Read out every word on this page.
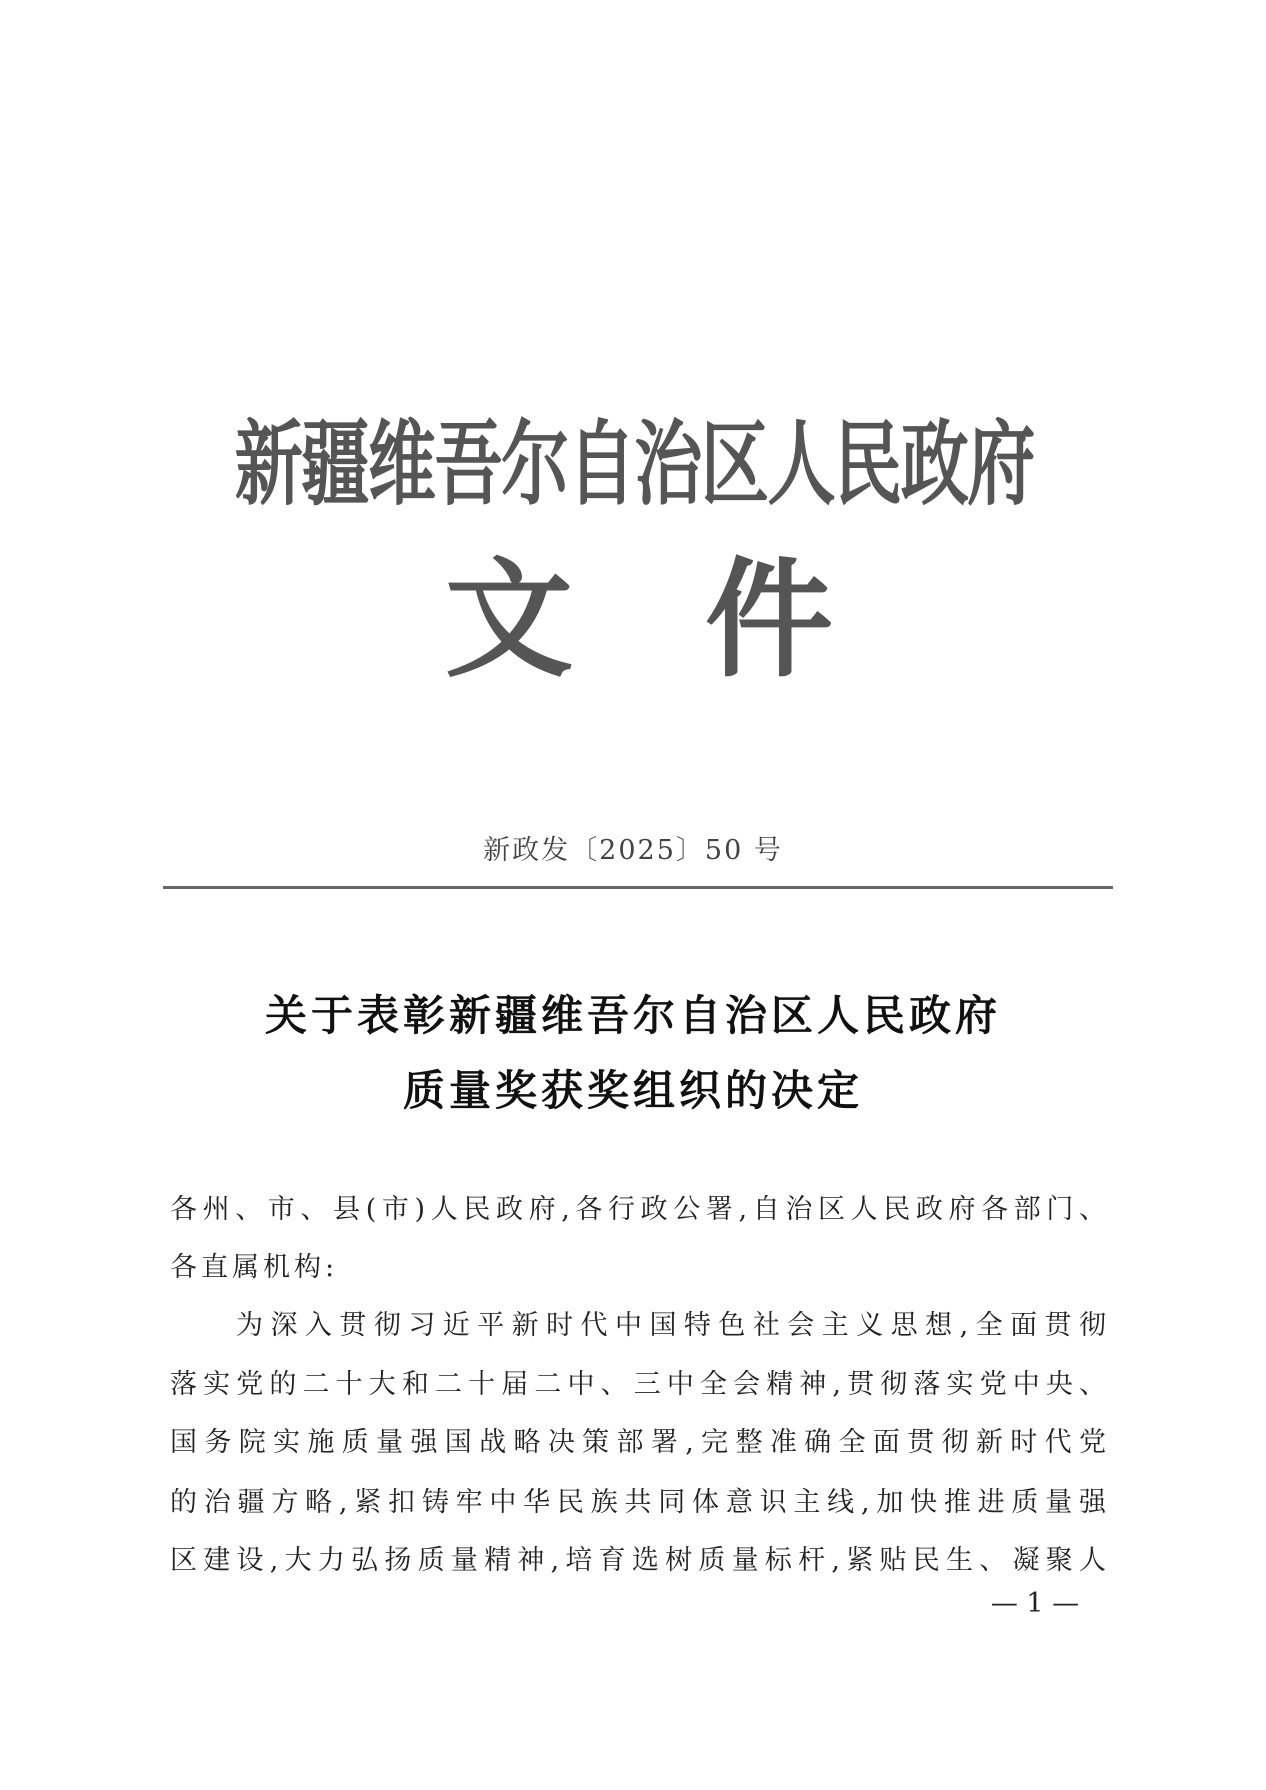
新疆维吾尔自治区人民政府
文 件
新政发〔2025〕50 号
关于表彰新疆维吾尔自治区人民政府
质量奖获奖组织的决定
各州、市、县(市)人民政府,各行政公署,自治区人民政府各部门、
各直属机构:
为深入贯彻习近平新时代中国特色社会主义思想,全面贯彻
落实党的二十大和二十届二中、三中全会精神,贯彻落实党中央、
国务院实施质量强国战略决策部署,完整准确全面贯彻新时代党
的治疆方略,紧扣铸牢中华民族共同体意识主线,加快推进质量强
区建设,大力弘扬质量精神,培育选树质量标杆,紧贴民生、凝聚人
— 1 —
